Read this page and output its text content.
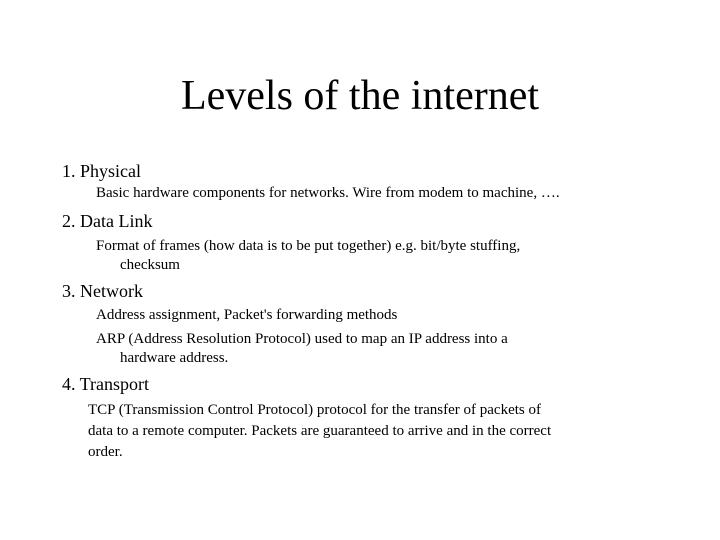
Levels of the internet
1. Physical
Basic hardware components for networks. Wire from modem to machine, ….
2. Data Link
Format of frames (how data is to be put together) e.g. bit/byte stuffing,
checksum
3. Network
Address assignment, Packet's forwarding methods
ARP (Address Resolution Protocol) used to map an IP address into a
hardware address.
4. Transport
TCP (Transmission Control Protocol) protocol for the transfer of packets of
data to a remote computer. Packets are guaranteed to arrive and in the correct
order.
